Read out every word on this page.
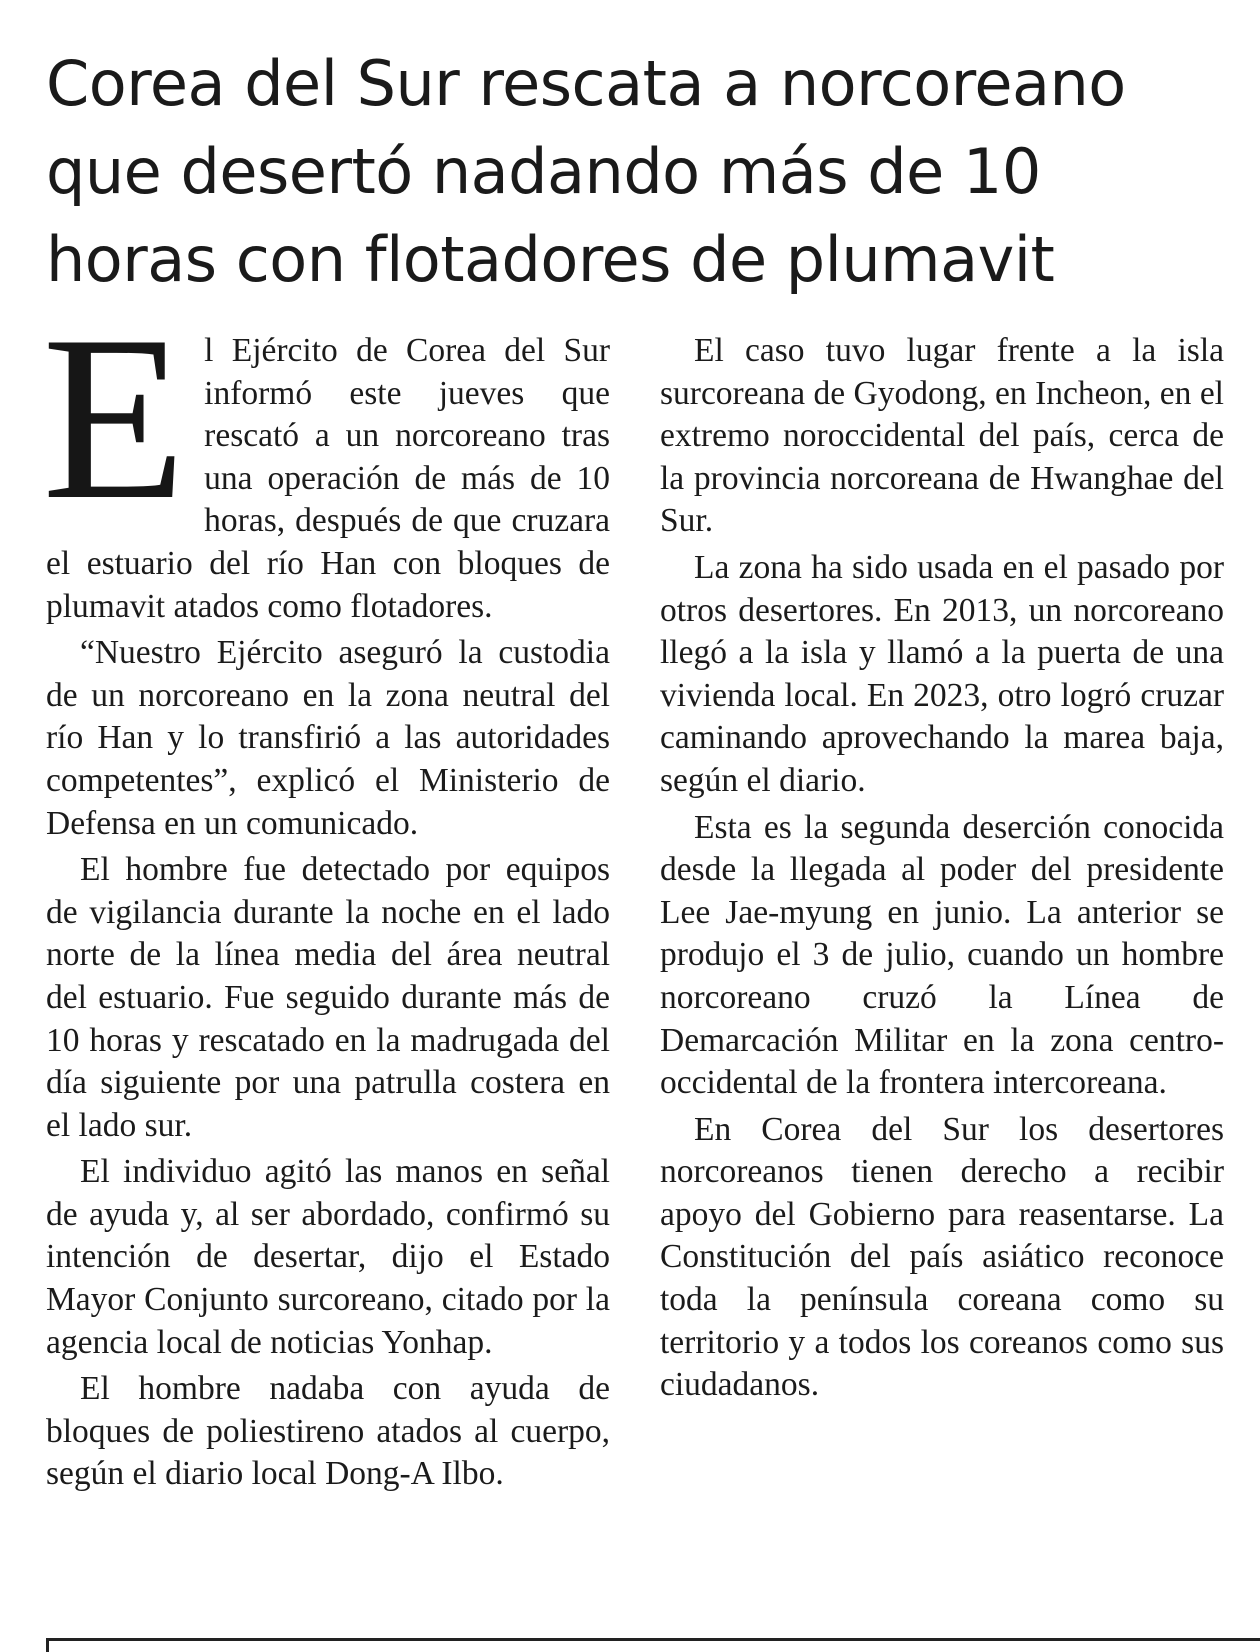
Corea del Sur rescata a norcoreano
que desertó nadando más de 10
horas con flotadores de plumavit

El Ejército de Corea del Sur informó este jueves que rescató a un norcoreano tras una operación de más de 10 horas, después de que cruzara el estuario del río Han con bloques de plumavit atados como flotadores.

“Nuestro Ejército aseguró la custodia de un norcoreano en la zona neutral del río Han y lo transfirió a las autoridades competentes”, explicó el Ministerio de Defensa en un comunicado.

El hombre fue detectado por equipos de vigilancia durante la noche en el lado norte de la línea media del área neutral del estuario. Fue seguido durante más de 10 horas y rescatado en la madrugada del día siguiente por una patrulla costera en el lado sur.

El individuo agitó las manos en señal de ayuda y, al ser abordado, confirmó su intención de desertar, dijo el Estado Mayor Conjunto surcoreano, citado por la agencia local de noticias Yonhap.

El hombre nadaba con ayuda de bloques de poliestireno atados al cuerpo, según el diario local Dong-A Ilbo.

El caso tuvo lugar frente a la isla surcoreana de Gyodong, en Incheon, en el extremo noroccidental del país, cerca de la provincia norcoreana de Hwanghae del Sur.

La zona ha sido usada en el pasado por otros desertores. En 2013, un norcoreano llegó a la isla y llamó a la puerta de una vivienda local. En 2023, otro logró cruzar caminando aprovechando la marea baja, según el diario.

Esta es la segunda deserción conocida desde la llegada al poder del presidente Lee Jae-myung en junio. La anterior se produjo el 3 de julio, cuando un hombre norcoreano cruzó la Línea de Demarcación Militar en la zona centro-occidental de la frontera intercoreana.

En Corea del Sur los desertores norcoreanos tienen derecho a recibir apoyo del Gobierno para reasentarse. La Constitución del país asiático reconoce toda la península coreana como su territorio y a todos los coreanos como sus ciudadanos.
